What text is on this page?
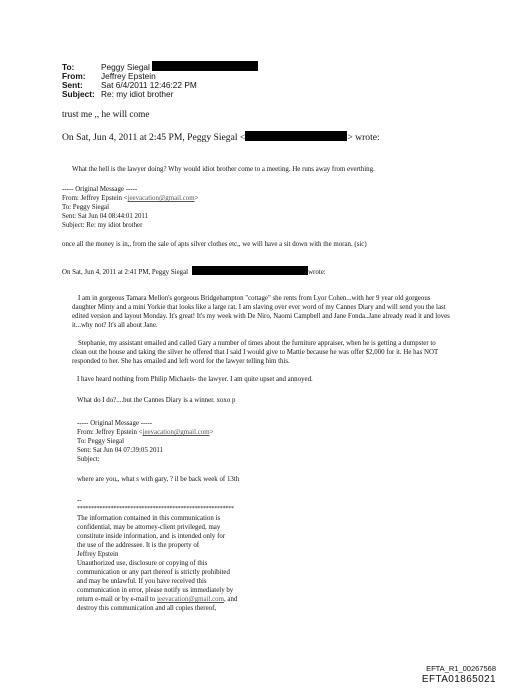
To:	Peggy Siegal
From: Jeffrey Epstein
Sent: Sat 6/4/2011 12:46:22 PM
Subject: Re: my idiot brother
trust me ,, he will come
On Sat, Jun 4, 2011 at 2:45 PM, Peggy Siegal <	> wrote:
What the hell is the lawyer doing? Why would idiot brother come to a meeting. He runs away from everthing.
----- Original Message -----
From: Jeffrey Epstein <jeevacation@gmail.com>
To: Peggy Siegal
Sent: Sat Jun 04 08:44:01 2011
Subject: Re: my idiot brother
once all the money is in,, from the sale of apts silver clothes etc,, we will have a sit down with the moran. (sic)
On Sat, Jun 4, 2011 at 2:41 PM, Peggy Siegal	wrote:
I am in gorgeous Tamara Mellon's gorgeous Bridgehampton "cottage" she rents from Lyor Cohen...with her 9 year old gorgeous daughter Minty and a mini Yorkie that looks like a large rat. I am slaving over ever word of my Cannes Diary and will send you the last edited version and layout Monday. It's great! It's my week with De Niro, Naomi Campbell and Jane Fonda..Jane already read it and loves it...why not? It's all about Jane.
Stephanie, my assistant emailed and called Gary a number of times about the furniture appraiser, when he is getting a dumpster to clean out the house and taking the silver he offered that I said I would give to Mattie because he was offer $2,000 for it. He has NOT responded to her. She has emailed and left word for the lawyer telling him this.
I have heard nothing from Philip Michaels- the lawyer. I am quite upset and annoyed.
What do I do?....but the Cannes Diary is a winner. xoxo p
----- Original Message -----
From: Jeffrey Epstein <jeevacation@gmail.com>
To: Peggy Siegal
Sent: Sat Jun 04 07:39:05 2011
Subject:
where are you,, what s with gary, ? il be back week of 13th
--
********************************************************
The information contained in this communication is
confidential, may be attorney-client privileged, may
constitute inside information, and is intended only for
the use of the addressee. It is the property of
Jeffrey Epstein
Unauthorized use, disclosure or copying of this
communication or any part thereof is strictly prohibited
and may be unlawful. If you have received this
communication in error, please notify us immediately by
return e-mail or by e-mail to jeevacation@gmail.com, and
destroy this communication and all copies thereof,
EFTA_R1_00267568
EFTA01865021
